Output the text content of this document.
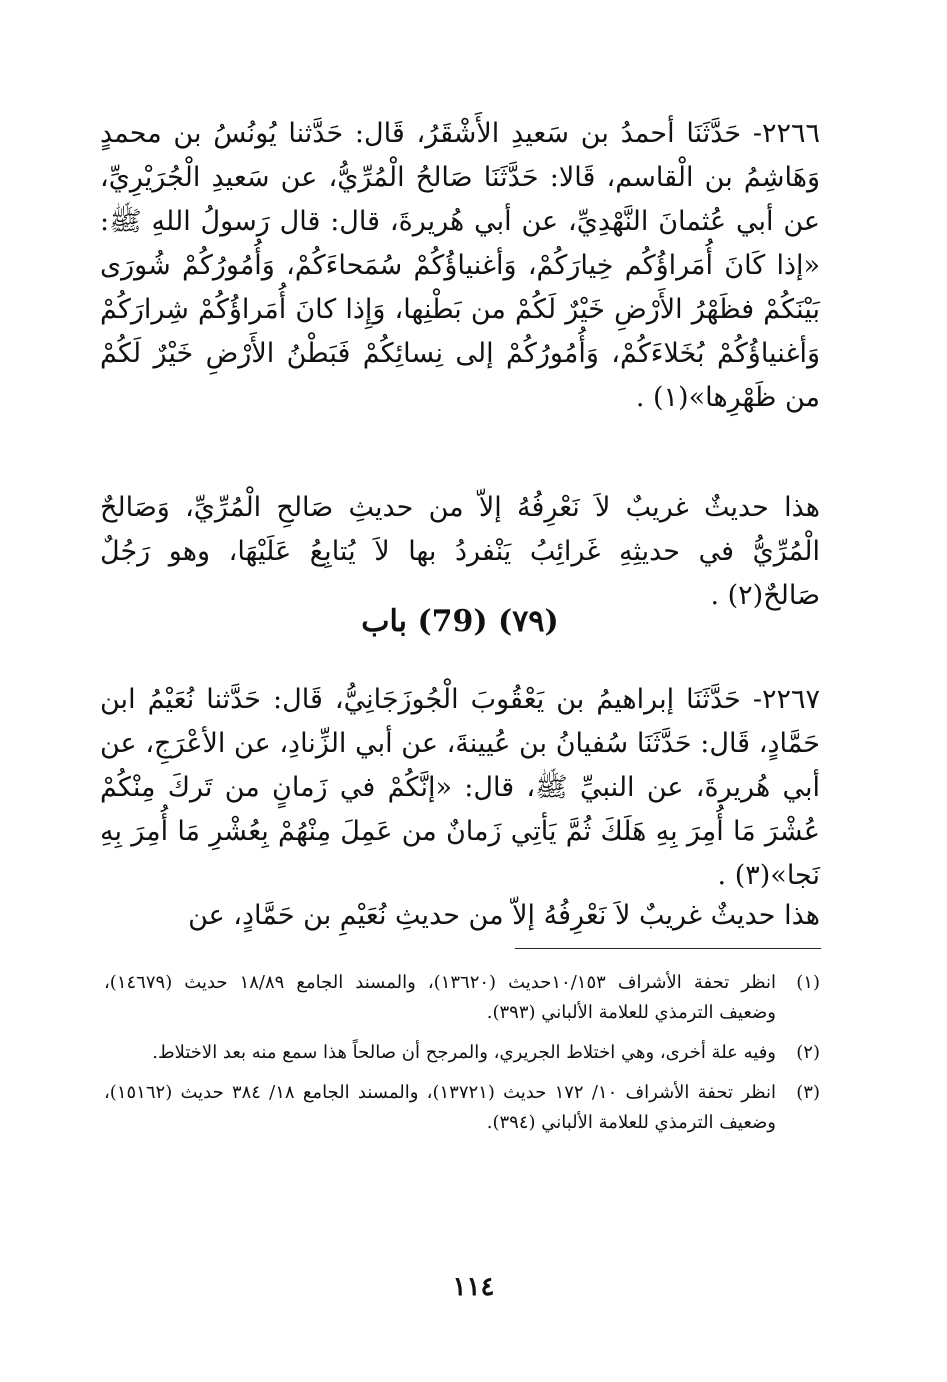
٢٢٦٦- حَدَّثَنَا أحمدُ بن سَعيدِ الأَشْقَرُ، قَال: حَدَّثنا يُونُسُ بن محمدٍ وَهَاشِمُ بن الْقاسم، قَالا: حَدَّثَنَا صَالحُ الْمُرِّيُّ، عن سَعيدِ الْجُرَيْرِيِّ، عن أبي عُثمانَ النَّهْدِيِّ، عن أبي هُريرةَ، قال: قال رَسولُ اللهِ ﷺ: «إذا كَانَ أُمَراؤُكُم خِيارَكُمْ، وَأغنياؤُكُمْ سُمَحاءَكُمْ، وَأُمُورُكُمْ شُورَى بَيْنَكُمْ فظَهْرُ الأَرْضِ خَيْرٌ لَكُمْ من بَطْنِها، وَإِذا كانَ أُمَراؤُكُمْ شِرارَكُمْ وَأغنياؤُكُمْ بُخَلاءَكُمْ، وَأُمُورُكُمْ إلى نِسائِكُمْ فَبَطْنُ الأَرْضِ خَيْرٌ لَكُمْ من ظَهْرِها»(١) .
هذا حديثٌ غريبٌ لاَ نَعْرِفُهُ إلاّ من حديثِ صَالحِ الْمُرِّيِّ، وَصَالحٌ الْمُرِّيُّ في حديثِهِ غَرائِبُ يَنْفردُ بها لاَ يُتابِعُ عَلَيْهَا، وهو رَجُلٌ صَالحٌ(٢) .
(٧٩) (79) باب
٢٢٦٧- حَدَّثَنَا إبراهيمُ بن يَعْقُوبَ الْجُوزَجَانِيُّ، قَال: حَدَّثنا نُعَيْمُ ابن حَمَّادٍ، قَال: حَدَّثَنَا سُفيانُ بن عُيينةَ، عن أبي الزِّنادِ، عن الأعْرَجِ، عن أبي هُريرةَ، عن النبيِّ ﷺ، قال: «إنَّكُمْ في زَمانٍ من تَركَ مِنْكُمْ عُشْرَ مَا أُمِرَ بِهِ هَلَكَ ثُمَّ يَأتِي زَمانٌ من عَمِلَ مِنْهُمْ بِعُشْرِ مَا أُمِرَ بِهِ نَجا»(٣) .
هذا حديثٌ غريبٌ لاَ نَعْرِفُهُ إلاّ من حديثِ نُعَيْمِ بن حَمَّادٍ، عن
(١)
انظر تحفة الأشراف ١٠/١٥٣حديث (١٣٦٢٠)، والمسند الجامع ١٨/٨٩ حديث (١٤٦٧٩)، وضعيف الترمذي للعلامة الألباني (٣٩٣).
(٢)
وفيه علة أخرى، وهي اختلاط الجريري، والمرجح أن صالحاً هذا سمع منه بعد الاختلاط.
(٣)
انظر تحفة الأشراف ١٠/ ١٧٢ حديث (١٣٧٢١)، والمسند الجامع ١٨/ ٣٨٤ حديث (١٥١٦٢)، وضعيف الترمذي للعلامة الألباني (٣٩٤).
١١٤
